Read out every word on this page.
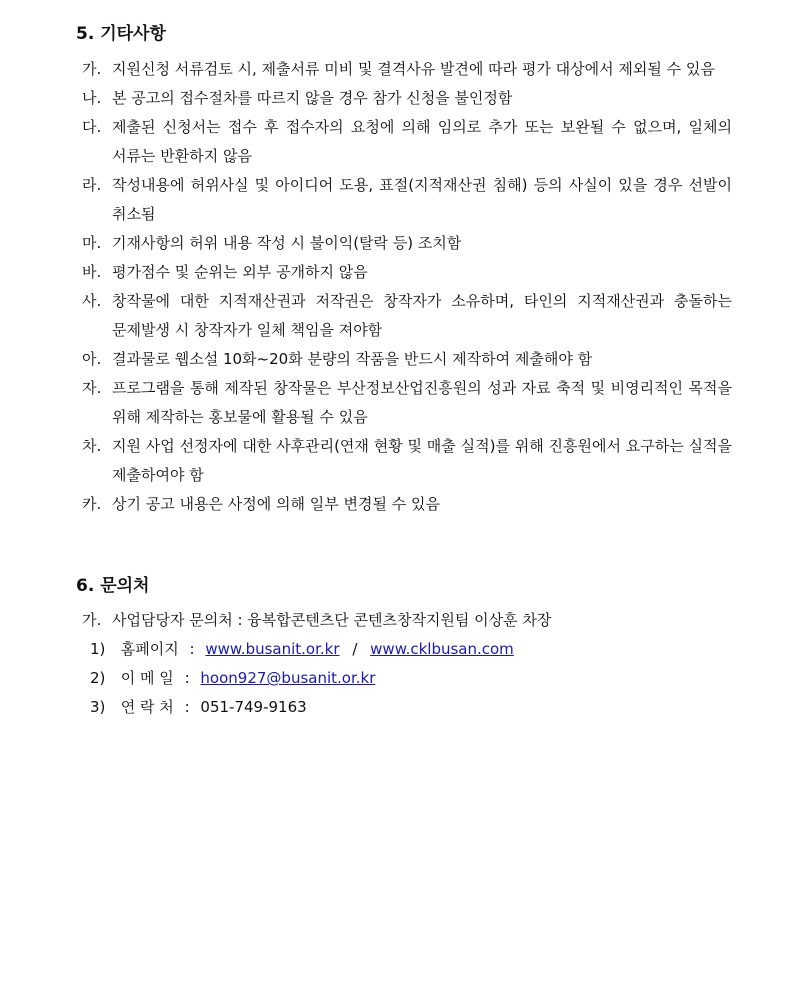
5. 기타사항
가. 지원신청 서류검토 시, 제출서류 미비 및 결격사유 발견에 따라 평가 대상에서 제외될 수 있음
나. 본 공고의 접수절차를 따르지 않을 경우 참가 신청을 불인정함
다. 제출된 신청서는 접수 후 접수자의 요청에 의해 임의로 추가 또는 보완될 수 없으며, 일체의 서류는 반환하지 않음
라. 작성내용에 허위사실 및 아이디어 도용, 표절(지적재산권 침해) 등의 사실이 있을 경우 선발이 취소됨
마. 기재사항의 허위 내용 작성 시 불이익(탈락 등) 조치함
바. 평가점수 및 순위는 외부 공개하지 않음
사. 창작물에 대한 지적재산권과 저작권은 창작자가 소유하며, 타인의 지적재산권과 충돌하는 문제발생 시 창작자가 일체 책임을 져야함
아. 결과물로 웹소설 10화~20화 분량의 작품을 반드시 제작하여 제출해야 함
자. 프로그램을 통해 제작된 창작물은 부산정보산업진흥원의 성과 자료 축적 및 비영리적인 목적을 위해 제작하는 홍보물에 활용될 수 있음
차. 지원 사업 선정자에 대한 사후관리(연재 현황 및 매출 실적)를 위해 진흥원에서 요구하는 실적을 제출하여야 함
카. 상기 공고 내용은 사정에 의해 일부 변경될 수 있음
6. 문의처
가. 사업담당자 문의처 : 융복합콘텐츠단 콘텐츠창작지원팀 이상훈 차장
1) 홈페이지 : www.busanit.or.kr / www.cklbusan.com
2) 이 메 일 : hoon927@busanit.or.kr
3) 연 락 처 : 051-749-9163
